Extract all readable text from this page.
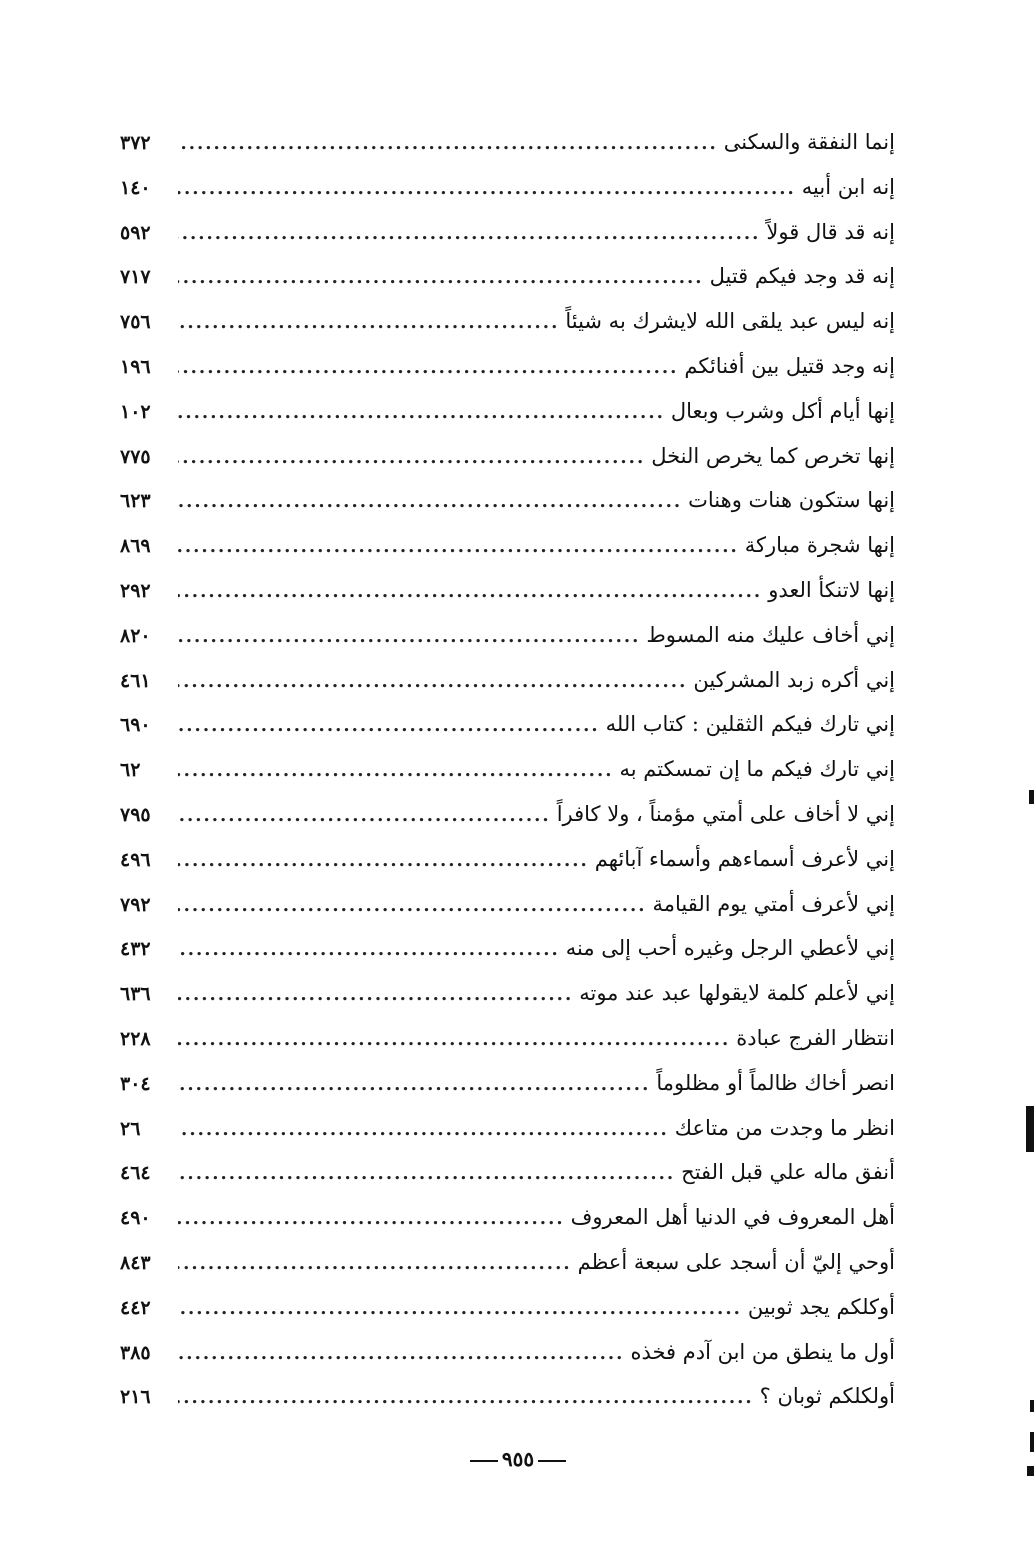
إنما النفقة والسكنى
.....
٣٧٢
إنه ابن أبيه
.....
١٤٠
إنه قد قال قولاً
.....
٥٩٢
إنه قد وجد فيكم قتيل
.....
٧١٧
إنه ليس عبد يلقى الله لايشرك به شيئاً
.....
٧٥٦
إنه وجد قتيل بين أفنائكم
.....
١٩٦
إنها أيام أكل وشرب وبعال
.....
١٠٢
إنها تخرص كما يخرص النخل
.....
٧٧٥
إنها ستكون هنات وهنات
.....
٦٢٣
إنها شجرة مباركة
.....
٨٦٩
إنها لاتنكأ العدو
.....
٢٩٢
إني أخاف عليك منه المسوط
.....
٨٢٠
إني أكره زبد المشركين
.....
٤٦١
إني تارك فيكم الثقلين : كتاب الله
.....
٦٩٠
إني تارك فيكم ما إن تمسكتم به
.....
٦٢
إني لا أخاف على أمتي مؤمناً ، ولا كافراً
.....
٧٩٥
إني لأعرف أسماءهم وأسماء آبائهم
.....
٤٩٦
إني لأعرف أمتي يوم القيامة
.....
٧٩٢
إني لأعطي الرجل وغيره أحب إلى منه
.....
٤٣٢
إني لأعلم كلمة لايقولها عبد عند موته
.....
٦٣٦
انتظار الفرج عبادة
.....
٢٢٨
انصر أخاك ظالماً أو مظلوماً
.....
٣٠٤
انظر ما وجدت من متاعك
.....
٢٦
أنفق ماله علي قبل الفتح
.....
٤٦٤
أهل المعروف في الدنيا أهل المعروف
.....
٤٩٠
أوحي إليّ أن أسجد على سبعة أعظم
.....
٨٤٣
أوكلكم يجد ثوبين
.....
٤٤٢
أول ما ينطق من ابن آدم فخذه
.....
٣٨٥
أولكلكم ثوبان ؟
.....
٢١٦
٩٥٥
